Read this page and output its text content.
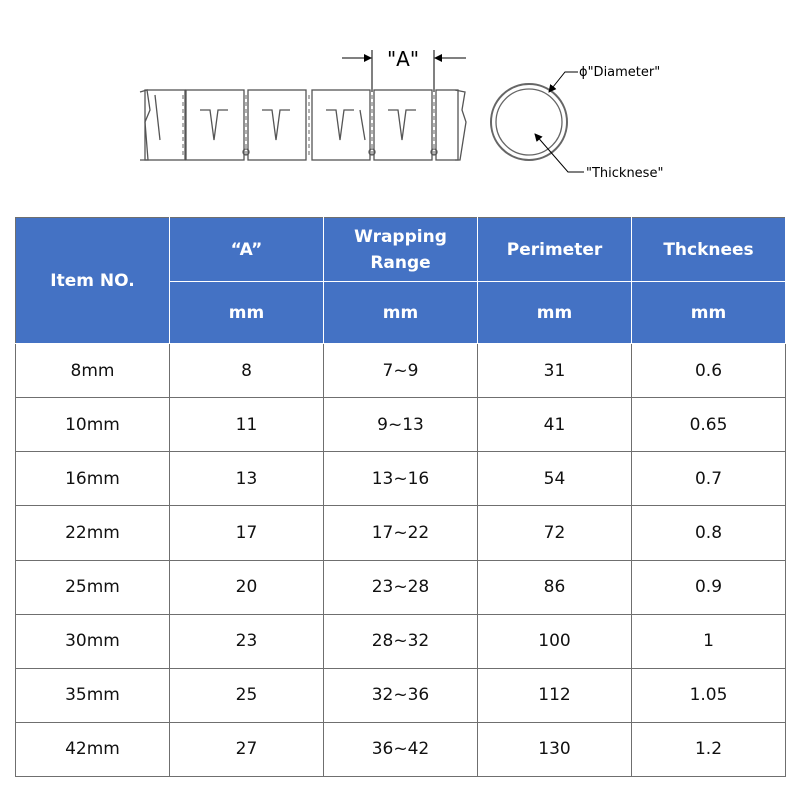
"A"
ϕ"Diameter"
"Thicknese"
Item NO.	“A”	Wrapping Range	Perimeter	Thcknees
	mm	mm	mm	mm
8mm	8	7~9	31	0.6
10mm	11	9~13	41	0.65
16mm	13	13~16	54	0.7
22mm	17	17~22	72	0.8
25mm	20	23~28	86	0.9
30mm	23	28~32	100	1
35mm	25	32~36	112	1.05
42mm	27	36~42	130	1.2
